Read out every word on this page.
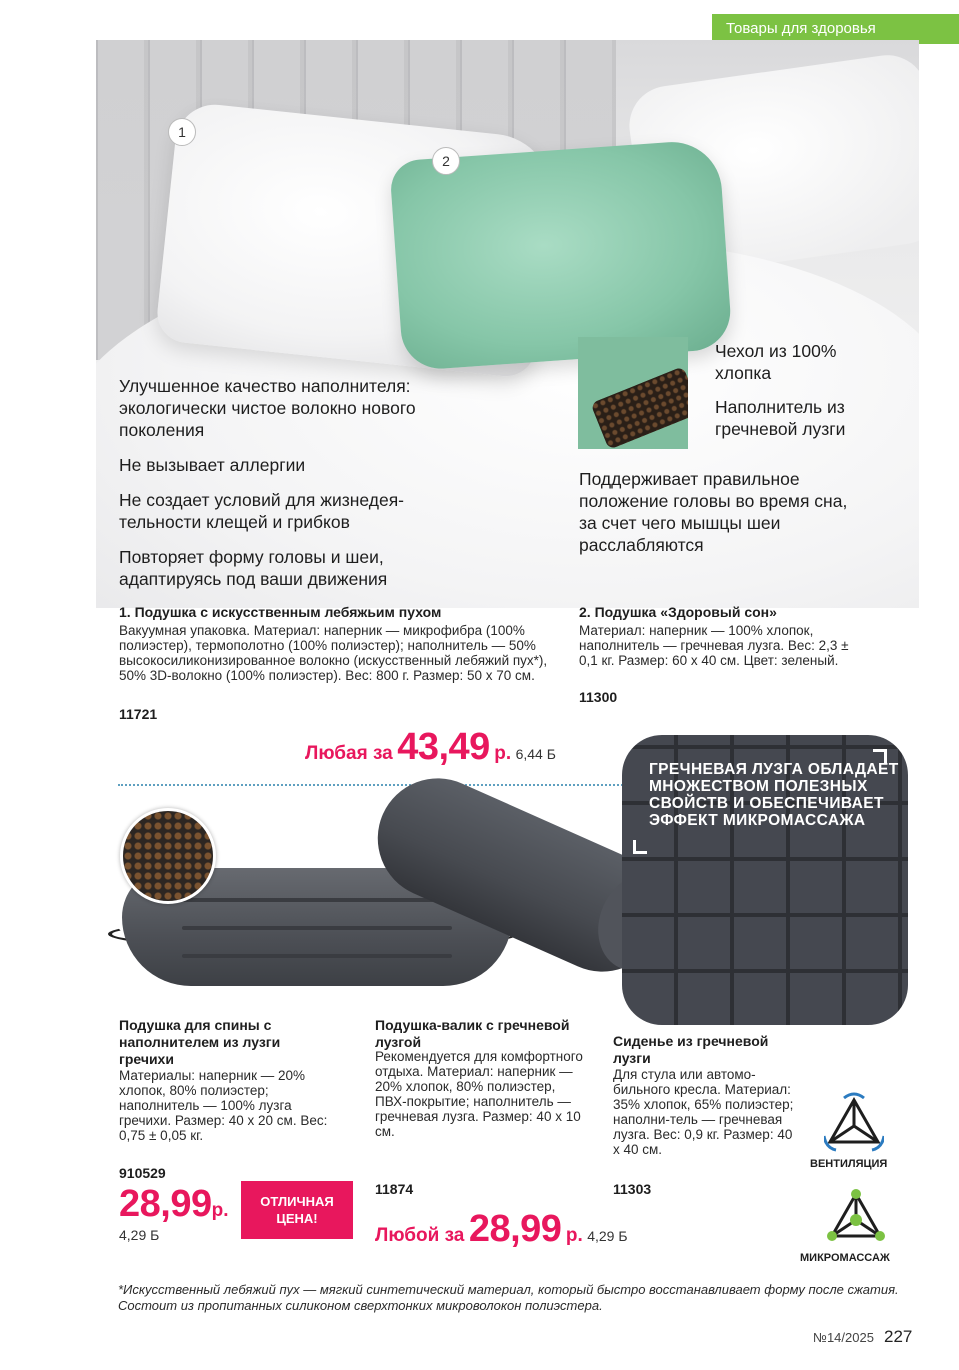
Товары для здоровья
1
2
Улучшенное качество наполнителя: экологически чистое волокно нового поколения
Не вызывает аллергии
Не создает условий для жизнедея-тельности клещей и грибков
Повторяет форму головы и шеи, адаптируясь под ваши движения
Чехол из 100% хлопка
Наполнитель из гречневой лузги
Поддерживает правильное положение головы во время сна, за счет чего мышцы шеи расслабляются
1. Подушка с искусственным лебяжьим пухом
Вакуумная упаковка. Материал: наперник — микрофибра (100% полиэстер), термополотно (100% полиэстер); наполнитель — 50% высокосиликонизированное волокно (искусственный лебяжий пух*), 50% 3D-волокно (100% полиэстер). Вес: 800 г. Размер: 50 х 70 см.
11721
2. Подушка «Здоровый сон»
Материал: наперник — 100% хлопок, наполнитель — гречневая лузга. Вес: 2,3 ± 0,1 кг. Размер: 60 х 40 см. Цвет: зеленый.
11300
Любая за 43,49 р. 6,44 Б
ГРЕЧНЕВАЯ ЛУЗГА ОБЛАДАЕТ МНОЖЕСТВОМ ПОЛЕЗНЫХ СВОЙСТВ И ОБЕСПЕЧИВАЕТ ЭФФЕКТ МИКРОМАССАЖА
Подушка для спины с наполнителем из лузги гречихи
Материалы: наперник — 20% хлопок, 80% полиэстер; наполнитель — 100% лузга гречихи. Размер: 40 х 20 см. Вес: 0,75 ± 0,05 кг.
910529
28,99р.
4,29 Б
ОТЛИЧНАЯ ЦЕНА!
Подушка-валик с гречневой лузгой
Рекомендуется для комфортного отдыха. Материал: наперник — 20% хлопок, 80% полиэстер, ПВХ-покрытие; наполнитель — гречневая лузга. Размер: 40 х 10 см.
11874
Любой за 28,99 р. 4,29 Б
Сиденье из гречневой лузги
Для стула или автомо-бильного кресла. Материал: 35% хлопок, 65% полиэстер; наполни-тель — гречневая лузга. Вес: 0,9 кг. Размер: 40 х 40 см.
11303
ВЕНТИЛЯЦИЯ
МИКРОМАССАЖ
*Искусственный лебяжий пух — мягкий синтетический материал, который быстро восстанавливает форму после сжатия. Состоит из пропитанных силиконом сверхтонких микроволокон полиэстера.
№14/2025 227
